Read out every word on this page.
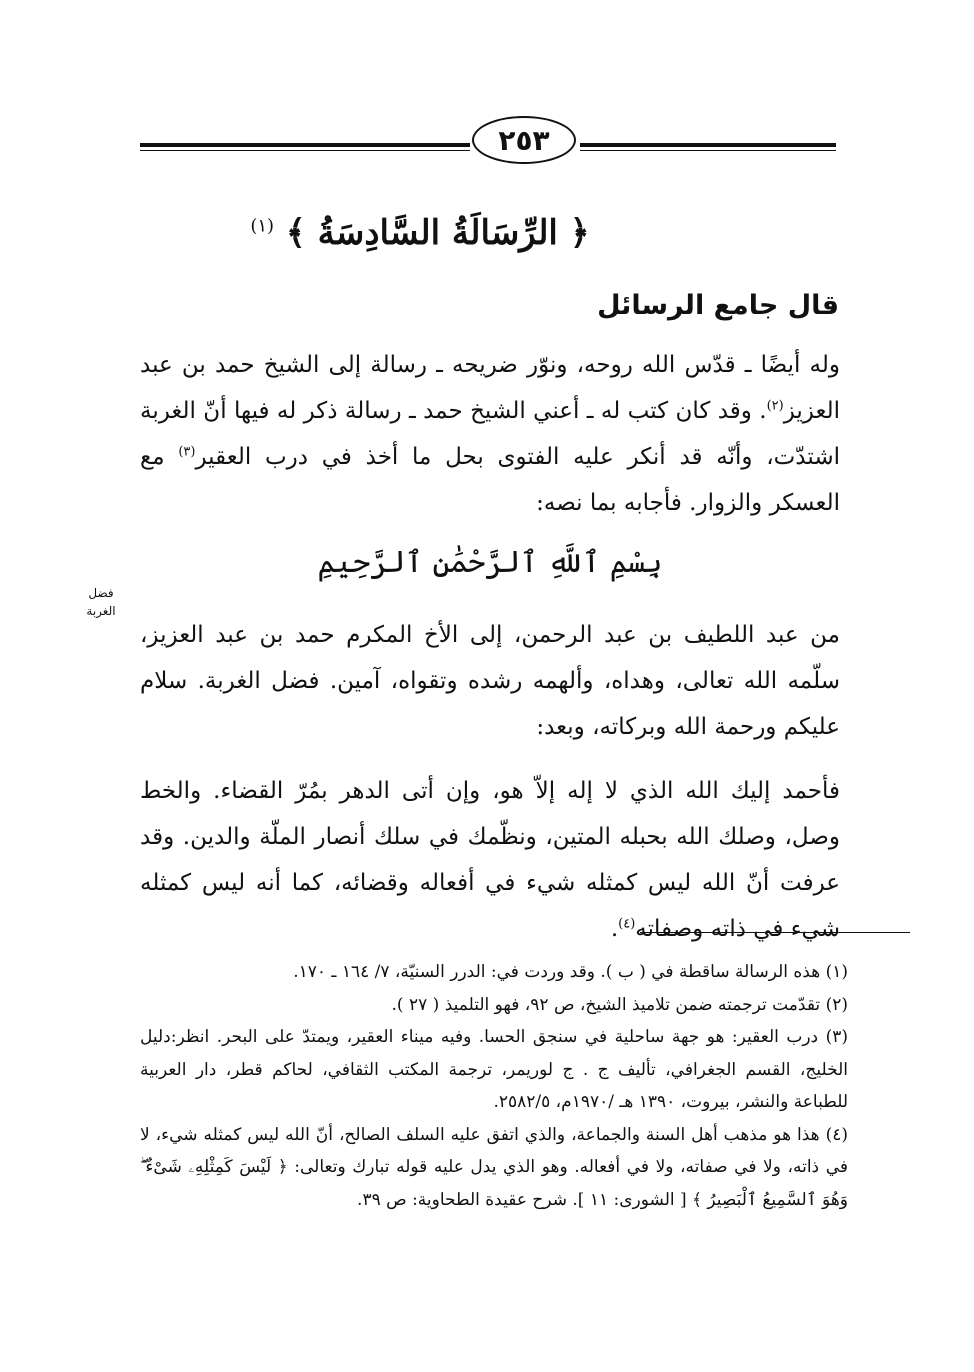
٢٥٣
﴿ الرِّسَالَةُ السَّادِسَةُ ﴾ $^{(١)}$
قال جامع الرسائل
وله أيضًا ـ قدّس الله روحه، ونوّر ضريحه ـ رسالة إلى الشيخ حمد بن عبد العزيز$^{(٢)}$. وقد كان كتب له ـ أعني الشيخ حمد ـ رسالة ذكر له فيها أنّ الغربة اشتدّت، وأنّه قد أنكر عليه الفتوى بحل ما أخذ في درب العقير$^{(٣)}$ مع العسكر والزوار. فأجابه بما نصه:
بِسْمِ ٱللَّهِ ٱلرَّحْمَٰنِ ٱلرَّحِيمِ
فضل الغربة
من عبد اللطيف بن عبد الرحمن، إلى الأخ المكرم حمد بن عبد العزيز، سلّمه الله تعالى، وهداه، وألهمه رشده وتقواه، آمين. فضل الغربة. سلام عليكم ورحمة الله وبركاته، وبعد:
فأحمد إليك الله الذي لا إله إلاّ هو، وإن أتى الدهر بمُرّ القضاء. والخط وصل، وصلك الله بحبله المتين، ونظّمك في سلك أنصار الملّة والدين. وقد عرفت أنّ الله ليس كمثله شيء في أفعاله وقضائه، كما أنه ليس كمثله شيء في ذاته وصفاته$^{(٤)}$.
(١) هذه الرسالة ساقطة في ( ب ). وقد وردت في: الدرر السنيّة، ٧/ ١٦٤ ـ ١٧٠.
(٢) تقدّمت ترجمته ضمن تلاميذ الشيخ، ص ٩٢، فهو التلميذ ( ٢٧ ).
(٣) درب العقير: هو جهة ساحلية في سنجق الحسا. وفيه ميناء العقير، ويمتدّ على البحر. انظر:دليل الخليج، القسم الجغرافي، تأليف ج . ج لوريمر، ترجمة المكتب الثقافي، لحاكم قطر، دار العربية للطباعة والنشر، بيروت، ١٣٩٠ هـ /١٩٧٠م، ٢٥٨٢/٥.
(٤) هذا هو مذهب أهل السنة والجماعة، والذي اتفق عليه السلف الصالح، أنّ الله ليس كمثله شيء، لا في ذاته، ولا في صفاته، ولا في أفعاله. وهو الذي يدل عليه قوله تبارك وتعالى: ﴿ لَيْسَ كَمِثْلِهِۦ شَىْءٌ ۖ وَهُوَ ٱلسَّمِيعُ ٱلْبَصِيرُ ﴾ [ الشورى: ١١ ]. شرح عقيدة الطحاوية: ص ٣٩.
